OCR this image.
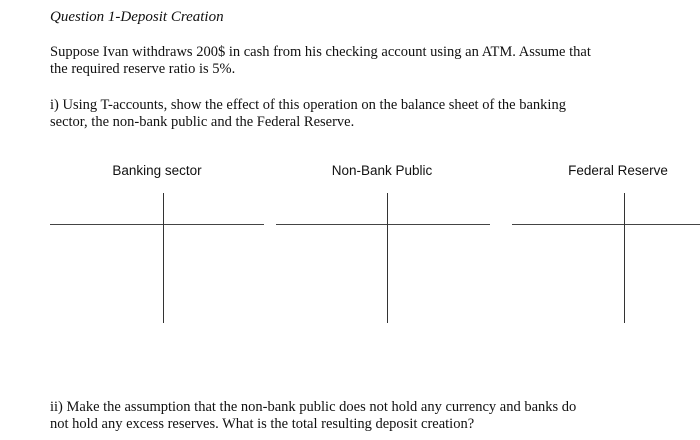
Question 1-Deposit Creation
Suppose Ivan withdraws 200$ in cash from his checking account using an ATM. Assume that
the required reserve ratio is 5%.
i) Using T-accounts, show the effect of this operation on the balance sheet of the banking
sector, the non-bank public and the Federal Reserve.
Banking sector	Non-Bank Public	Federal Reserve
ii) Make the assumption that the non-bank public does not hold any currency and banks do
not hold any excess reserves. What is the total resulting deposit creation?
